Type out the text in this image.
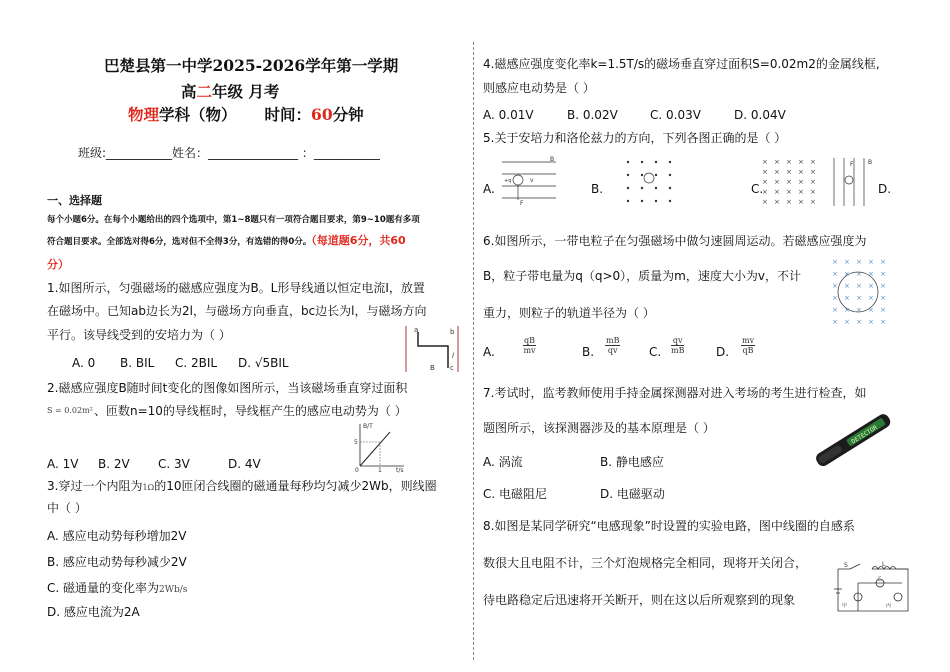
巴楚县第一中学2025-2026学年第一学期
高二年级 月考
物理学科（物） 时间：60分钟
班级:___________姓名：_______________ ：___________
一、选择题
每个小题6分。在每个小题给出的四个选项中，第1~8题只有一项符合题目要求，第9~10题有多项
符合题目要求。全部选对得6分，选对但不全得3分，有选错的得0分。（每道题6分，共60
分）
1.如图所示，匀强磁场的磁感应强度为B。L形导线通以恒定电流I，放置
在磁场中。已知ab边长为2l，与磁场方向垂直，bc边长为l，与磁场方向
平行。该导线受到的安培力为（ ）
A. 0 B. BIL C. 2BIL D. √5BIL
a	b
l
c
B
2.磁感应强度B随时间t变化的图像如图所示，当该磁场垂直穿过面积
S = 0.02m² 、匝数n=10的导线框时，导线框产生的感应电动势为（ ）
A. 1V B. 2V C. 3V	D. 4V
B/T
t/s
5
1
0
3.穿过一个内阻为1Ω的10匝闭合线圈的磁通量每秒均匀减少2Wb，则线圈
中（ ）
A. 感应电动势每秒增加2V
B. 感应电动势每秒减少2V
C. 磁通量的变化率为2Wb/s
D. 感应电流为2A
4.磁感应强度变化率k=1.5T/s的磁场垂直穿过面积S=0.02m2的金属线框,
则感应电动势是（ ）
A. 0.01V	B. 0.02V	C. 0.03V	D. 0.04V
5.关于安培力和洛伦兹力的方向，下列各图正确的是（ ）
A.
B
F
+q	v
B.	C.
× × × × ×
× × × × ×
× × × × ×
× × × × ×
× × × × ×
D.
F B
6.如图所示，一带电粒子在匀强磁场中做匀速圆周运动。若磁感应强度为
B，粒子带电量为q（q>0），质量为m，速度大小为v，不计
重力，则粒子的轨道半径为（ ）
× × × × ×
× × × × ×
× × × × ×
× × × × ×
× × × × ×
× × × × ×
A.	$\frac{qB}{mv}$	B. $\frac{mB}{qv} C$. $\frac{qv}{mB}$	D. $\frac{mv}{qB}$
7.考试时，监考教师使用手持金属探测器对进入考场的考生进行检查，如
题图所示，该探测器涉及的基本原理是（ ）
A. 涡流	B. 静电感应
C. 电磁阻尼	D. 电磁驱动
DETECTOR
8.如图是某同学研究“电感现象”时设置的实验电路，图中线圈的自感系
数很大且电阻不计，三个灯泡规格完全相同，现将开关闭合，
待电路稳定后迅速将开关断开，则在这以后所观察到的现象
S	L
乙
甲	丙
